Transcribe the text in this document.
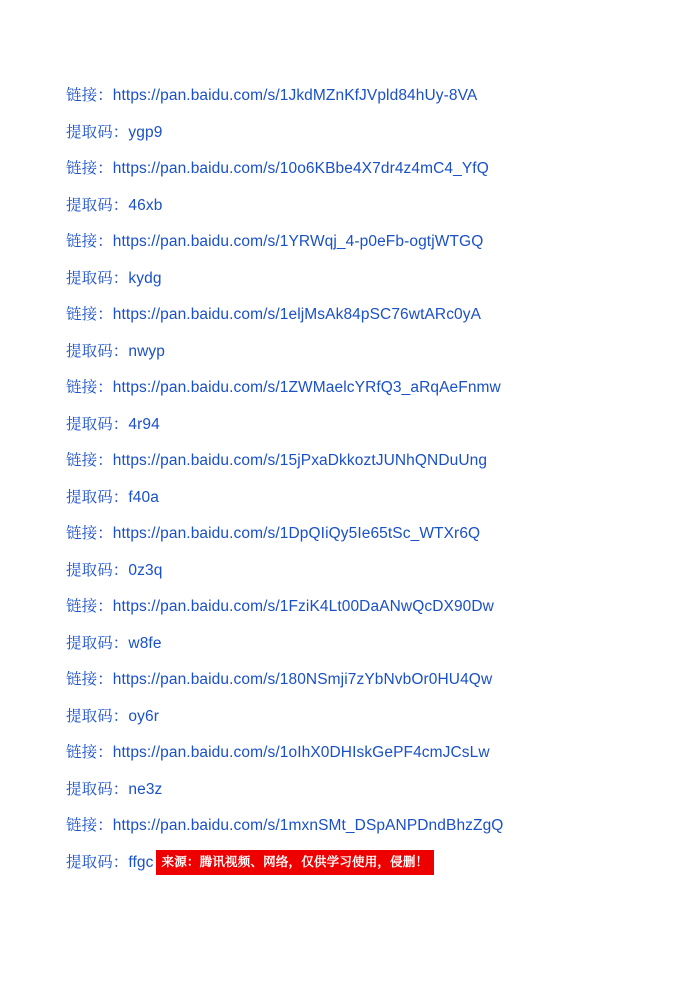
链接：https://pan.baidu.com/s/1JkdMZnKfJVpld84hUy-8VA
提取码：ygp9
链接：https://pan.baidu.com/s/10o6KBbe4X7dr4z4mC4_YfQ
提取码：46xb
链接：https://pan.baidu.com/s/1YRWqj_4-p0eFb-ogtjWTGQ
提取码：kydg
链接：https://pan.baidu.com/s/1eljMsAk84pSC76wtARc0yA
提取码：nwyp
链接：https://pan.baidu.com/s/1ZWMaelcYRfQ3_aRqAeFnmw
提取码：4r94
链接：https://pan.baidu.com/s/15jPxaDkkoztJUNhQNDuUng
提取码：f40a
链接：https://pan.baidu.com/s/1DpQIiQy5Ie65tSc_WTXr6Q
提取码：0z3q
链接：https://pan.baidu.com/s/1FziK4Lt00DaANwQcDX90Dw
提取码：w8fe
链接：https://pan.baidu.com/s/180NSmji7zYbNvbOr0HU4Qw
提取码：oy6r
链接：https://pan.baidu.com/s/1oIhX0DHIskGePF4cmJCsLw
提取码：ne3z
链接：https://pan.baidu.com/s/1mxnSMt_DSpANPDndBhzZgQ
提取码：ffgc 来源：腾讯视频、网络，仅供学习使用，侵删！
